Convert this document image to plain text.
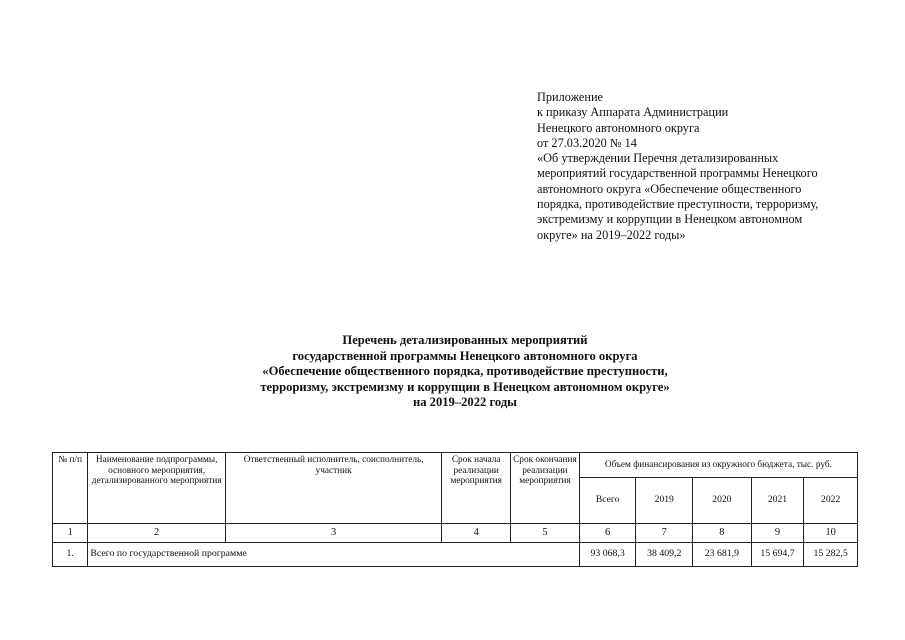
Приложение
к приказу Аппарата Администрации
Ненецкого автономного округа
от 27.03.2020 № 14
«Об утверждении Перечня детализированных
мероприятий государственной программы Ненецкого
автономного округа «Обеспечение общественного
порядка, противодействие преступности, терроризму,
экстремизму и коррупции в Ненецком автономном
округе» на 2019–2022 годы»
Перечень детализированных мероприятий
государственной программы Ненецкого автономного округа
«Обеспечение общественного порядка, противодействие преступности,
терроризму, экстремизму и коррупции в Ненецком автономном округе»
на 2019–2022 годы
№ п/п	Наименование подпрограммы, основного мероприятия, детализированного мероприятия	Ответственный исполнитель, соисполнитель, участник	Срок начала реализации мероприятия	Срок окончания реализации мероприятия	Объем финансирования из окружного бюджета, тыс. руб.				
					Всего	2019	2020	2021	2022
1	2	3	4	5	6	7	8	9	10
1.	Всего по государственной программе				93 068,3	38 409,2	23 681,9	15 694,7	15 282,5
